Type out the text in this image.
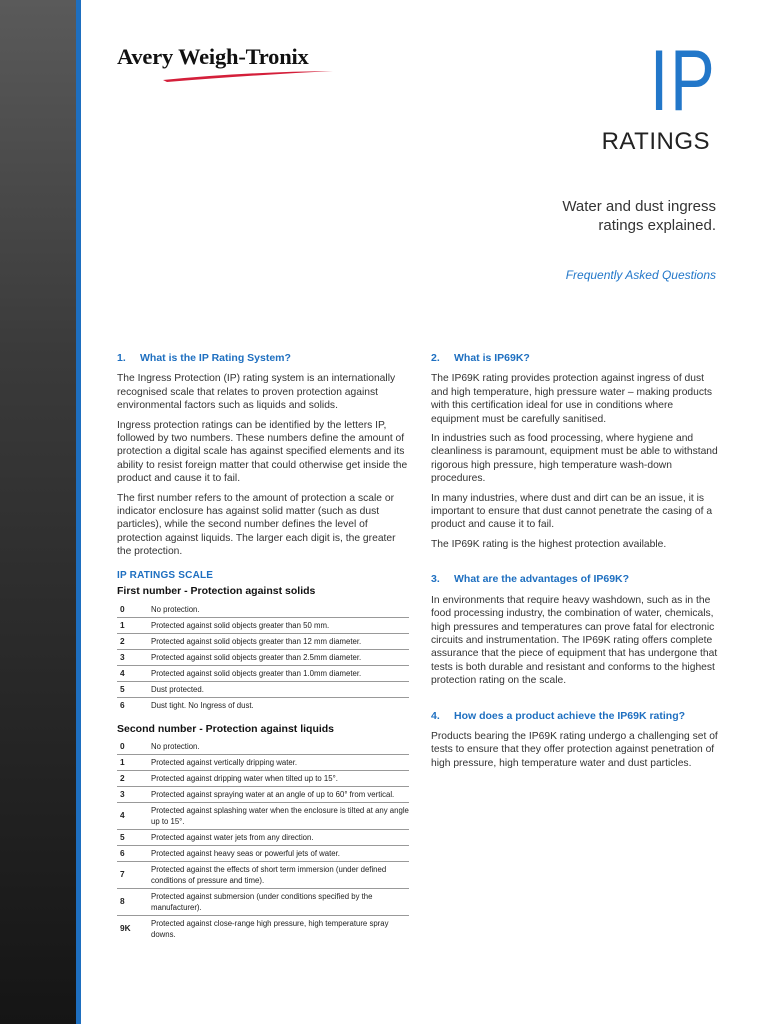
Avery Weigh-Tronix	IP
RATINGS
Water and dust ingress
ratings explained.
Frequently Asked Questions
1. What is the IP Rating System?

The Ingress Protection (IP) rating system is an internationally recognised scale that relates to proven protection against environmental factors such as liquids and solids.

Ingress protection ratings can be identified by the letters IP, followed by two numbers. These numbers define the amount of protection a digital scale has against specified elements and its ability to resist foreign matter that could otherwise get inside the product and cause it to fail.

The first number refers to the amount of protection a scale or indicator enclosure has against solid matter (such as dust particles), while the second number defines the level of protection against liquids. The larger each digit is, the greater the protection.

IP RATINGS SCALE
First number - Protection against solids
0	No protection.
1	Protected against solid objects greater than 50 mm.
2	Protected against solid objects greater than 12 mm diameter.
3	Protected against solid objects greater than 2.5mm diameter.
4	Protected against solid objects greater than 1.0mm diameter.
5	Dust protected.
6	Dust tight. No Ingress of dust.
Second number - Protection against liquids
0	No protection.
1	Protected against vertically dripping water.
2	Protected against dripping water when tilted up to 15°.
3	Protected against spraying water at an angle of up to 60° from vertical.
4	Protected against splashing water when the enclosure is tilted at any angle up to 15°.
5	Protected against water jets from any direction.
6	Protected against heavy seas or powerful jets of water.
7	Protected against the effects of short term immersion (under defined conditions of pressure and time).
8	Protected against submersion (under conditions specified by the manufacturer).
9K	Protected against close-range high pressure, high temperature spray downs.
2. What is IP69K?

The IP69K rating provides protection against ingress of dust and high temperature, high pressure water – making products with this certification ideal for use in conditions where equipment must be carefully sanitised.

In industries such as food processing, where hygiene and cleanliness is paramount, equipment must be able to withstand rigorous high pressure, high temperature wash-down procedures.

In many industries, where dust and dirt can be an issue, it is important to ensure that dust cannot penetrate the casing of a product and cause it to fail.

The IP69K rating is the highest protection available.

3. What are the advantages of IP69K?

In environments that require heavy washdown, such as in the food processing industry, the combination of water, chemicals, high pressures and temperatures can prove fatal for electronic circuits and instrumentation. The IP69K rating offers complete assurance that the piece of equipment that has undergone that tests is both durable and resistant and conforms to the highest protection rating on the scale.

4. How does a product achieve the IP69K rating?

Products bearing the IP69K rating undergo a challenging set of tests to ensure that they offer protection against penetration of high pressure, high temperature water and dust particles.
